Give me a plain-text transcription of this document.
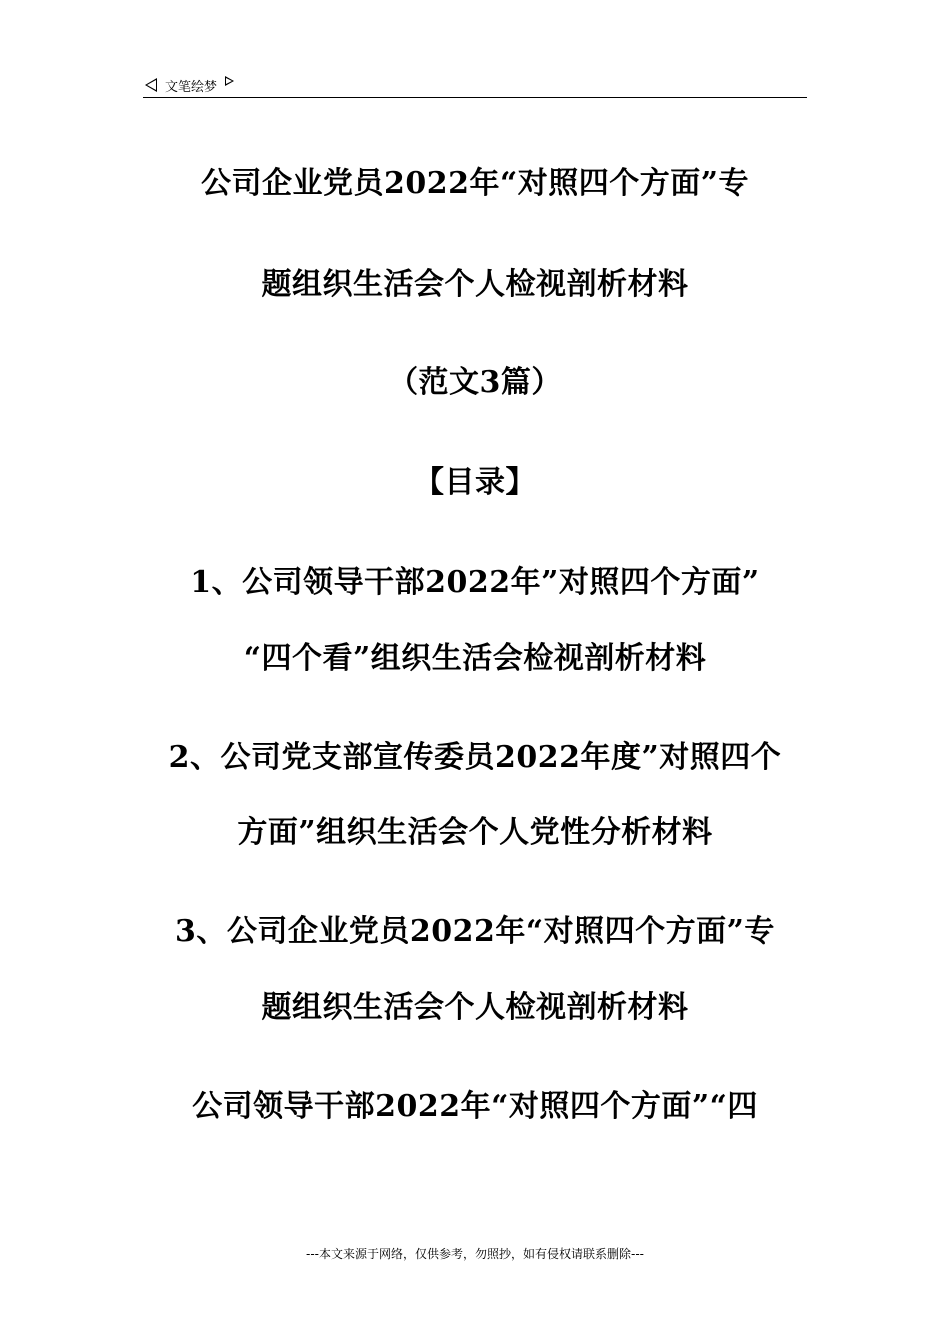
文笔绘梦
公司企业党员2022年“对照四个方面”专
题组织生活会个人检视剖析材料
（范文3篇）
【目录】
1、公司领导干部2022年”对照四个方面”
“四个看”组织生活会检视剖析材料
2、公司党支部宣传委员2022年度”对照四个
方面”组织生活会个人党性分析材料
3、公司企业党员2022年“对照四个方面”专
题组织生活会个人检视剖析材料
公司领导干部2022年“对照四个方面”“四
---本文来源于网络，仅供参考，勿照抄，如有侵权请联系删除---
